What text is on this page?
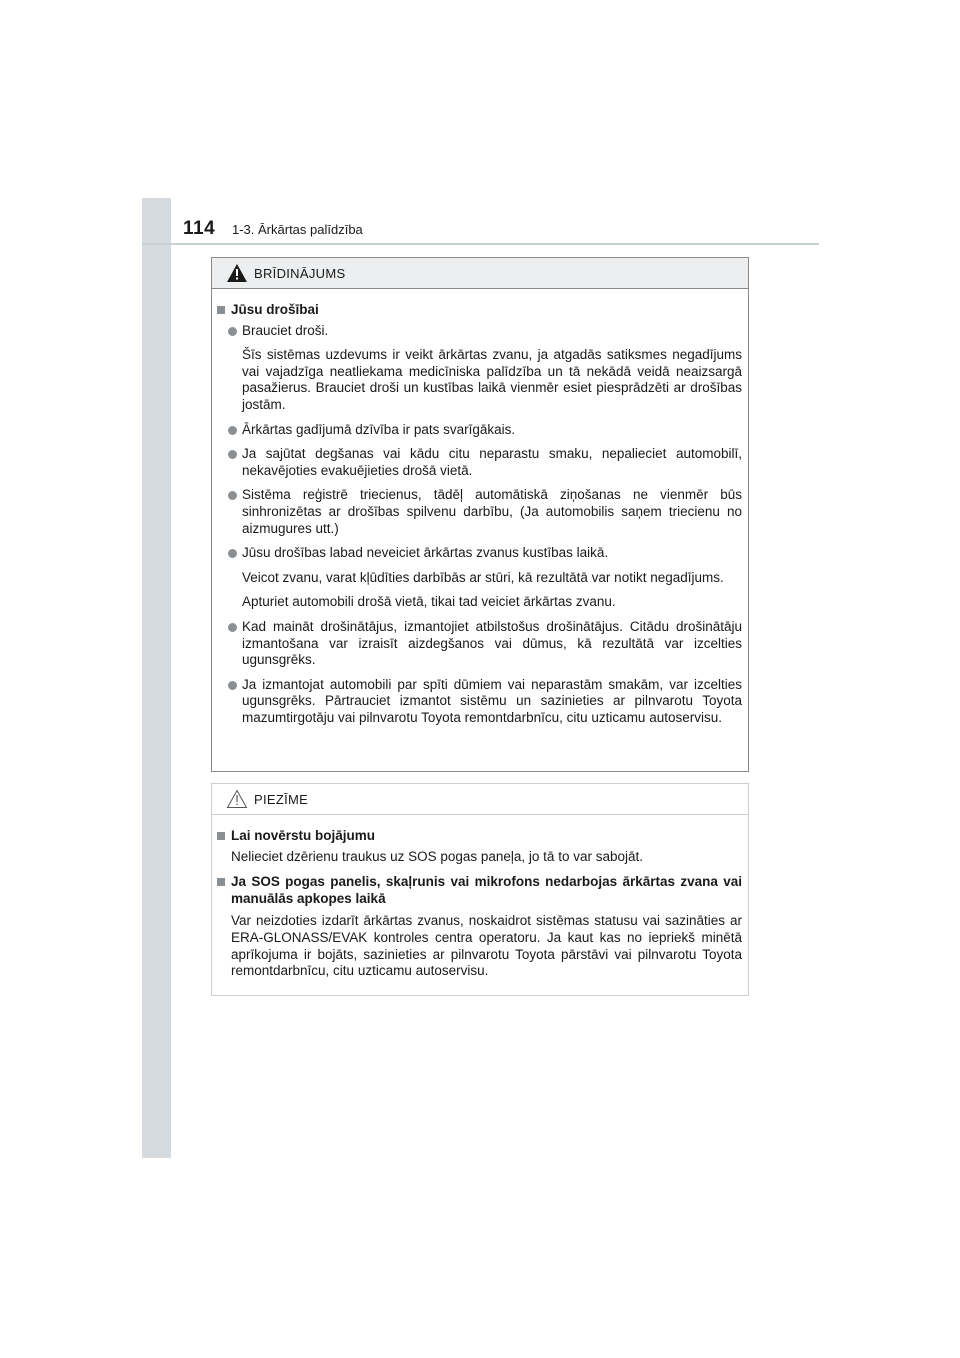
114 1-3. Ārkārtas palīdzība
BRĪDINĀJUMS
Jūsu drošībai
Brauciet droši.
Šīs sistēmas uzdevums ir veikt ārkārtas zvanu, ja atgadās satiksmes negadījums vai vajadzīga neatliekama medicīniska palīdzība un tā nekādā veidā neaizsargā pasažierus. Brauciet droši un kustības laikā vienmēr esiet piesprādzēti ar drošības jostām.
Ārkārtas gadījumā dzīvība ir pats svarīgākais.
Ja sajūtat degšanas vai kādu citu neparastu smaku, nepalieciet automobilī, nekavējoties evakuējieties drošā vietā.
Sistēma reģistrē triecienus, tādēļ automātiskā ziņošanas ne vienmēr būs sinhronizētas ar drošības spilvenu darbību, (Ja automobilis saņem triecienu no aizmugures utt.)
Jūsu drošības labad neveiciet ārkārtas zvanus kustības laikā.
Veicot zvanu, varat kļūdīties darbībās ar stūri, kā rezultātā var notikt negadījums.
Apturiet automobili drošā vietā, tikai tad veiciet ārkārtas zvanu.
Kad maināt drošinātājus, izmantojiet atbilstošus drošinātājus. Citādu drošinātāju izmantošana var izraisīt aizdegšanos vai dūmus, kā rezultātā var izcelties ugunsgrēks.
Ja izmantojat automobili par spīti dūmiem vai neparastām smakām, var izcelties ugunsgrēks. Pārtrauciet izmantot sistēmu un sazinieties ar pilnvarotu Toyota mazumtirgotāju vai pilnvarotu Toyota remontdarbnīcu, citu uzticamu autoservisu.
PIEZĪME
Lai novērstu bojājumu
Nelieciet dzērienu traukus uz SOS pogas paneļa, jo tā to var sabojāt.
Ja SOS pogas panelis, skaļrunis vai mikrofons nedarbojas ārkārtas zvana vai manuālās apkopes laikā
Var neizdoties izdarīt ārkārtas zvanus, noskaidrot sistēmas statusu vai sazināties ar ERA-GLONASS/EVAK kontroles centra operatoru. Ja kaut kas no iepriekš minētā aprīkojuma ir bojāts, sazinieties ar pilnvarotu Toyota pārstāvi vai pilnvarotu Toyota remontdarbnīcu, citu uzticamu autoservisu.
